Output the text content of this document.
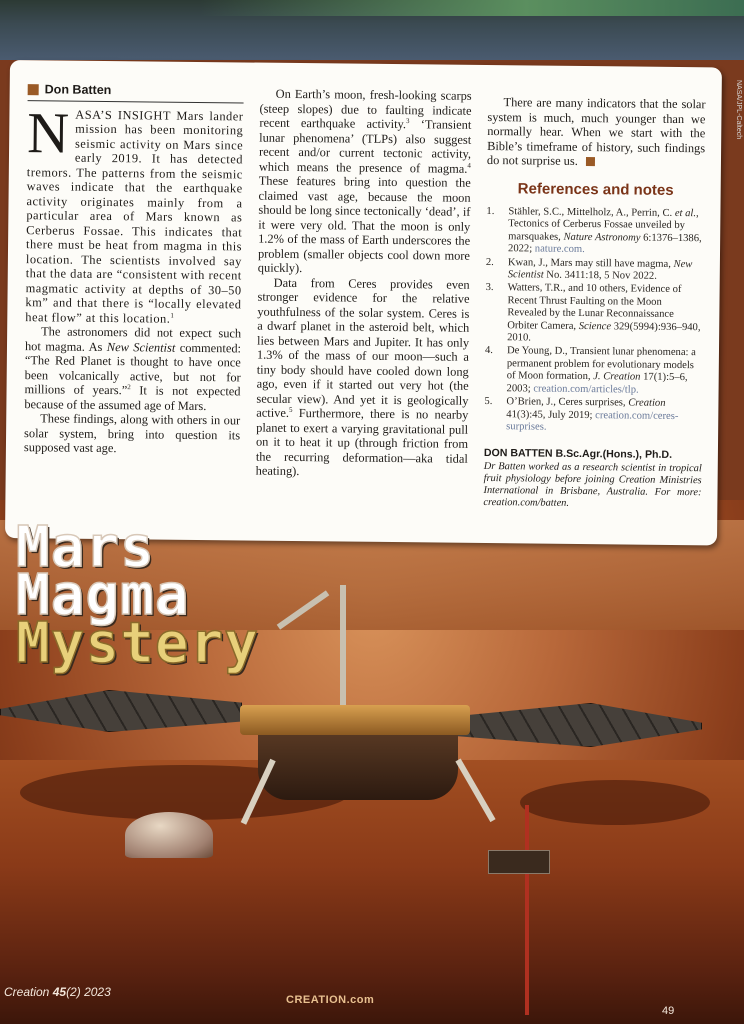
NASA/JPL-Caltech
Don Batten

NASA’S INSIGHT Mars lander mission has been monitoring seismic activity on Mars since early 2019. It has detected tremors. The patterns from the seismic waves indicate that the earthquake activity originates mainly from a particular area of Mars known as Cerberus Fossae. This indicates that there must be heat from magma in this location. The scientists involved say that the data are “consistent with recent magmatic activity at depths of 30–50 km” and that there is “locally elevated heat flow” at this location.$^1$

The astronomers did not expect such hot magma. As New Scientist commented: “The Red Planet is thought to have once been volcanically active, but not for millions of years.”$^2$ It is not expected because of the assumed age of Mars.

These findings, along with others in our solar system, bring into question its supposed vast age.

On Earth’s moon, fresh-looking scarps (steep slopes) due to faulting indicate recent earthquake activity.$^3$ ‘Transient lunar phenomena’ (TLPs) also suggest recent and/or current tectonic activity, which means the presence of magma.$^4$ These features bring into question the claimed vast age, because the moon should be long since tectonically ‘dead’, if it were very old. That the moon is only 1.2% of the mass of Earth underscores the problem (smaller objects cool down more quickly).

Data from Ceres provides even stronger evidence for the relative youthfulness of the solar system. Ceres is a dwarf planet in the asteroid belt, which lies between Mars and Jupiter. It has only 1.3% of the mass of our moon—such a tiny body should have cooled down long ago, even if it started out very hot (the secular view). And yet it is geologically active.$^5$ Furthermore, there is no nearby planet to exert a varying gravitational pull on it to heat it up (through friction from the recurring deformation—aka tidal heating).

There are many indicators that the solar system is much, much younger than we normally hear. When we start with the Bible’s timeframe of history, such findings do not surprise us.

References and notes
1.	Stähler, S.C., Mittelholz, A., Perrin, C. et al., Tectonics of Cerberus Fossae unveiled by marsquakes, Nature Astronomy 6:1376–1386, 2022; nature.com.
2.	Kwan, J., Mars may still have magma, New Scientist No. 3411:18, 5 Nov 2022.
3.	Watters, T.R., and 10 others, Evidence of Recent Thrust Faulting on the Moon Revealed by the Lunar Reconnaissance Orbiter Camera, Science 329(5994):936–940, 2010.
4.	De Young, D., Transient lunar phenomena: a permanent problem for evolutionary models of Moon formation, J. Creation 17(1):5–6, 2003; creation.com/articles/tlp.
5.	O’Brien, J., Ceres surprises, Creation 41(3):45, July 2019; creation.com/ceres-surprises.
DON BATTEN B.Sc.Agr.(Hons.), Ph.D.
Dr Batten worked as a research scientist in tropical fruit physiology before joining Creation Ministries International in Brisbane, Australia. For more: creation.com/batten.
Mars
Magma
Mystery
Creation 45(2) 2023
CREATION.com
49
